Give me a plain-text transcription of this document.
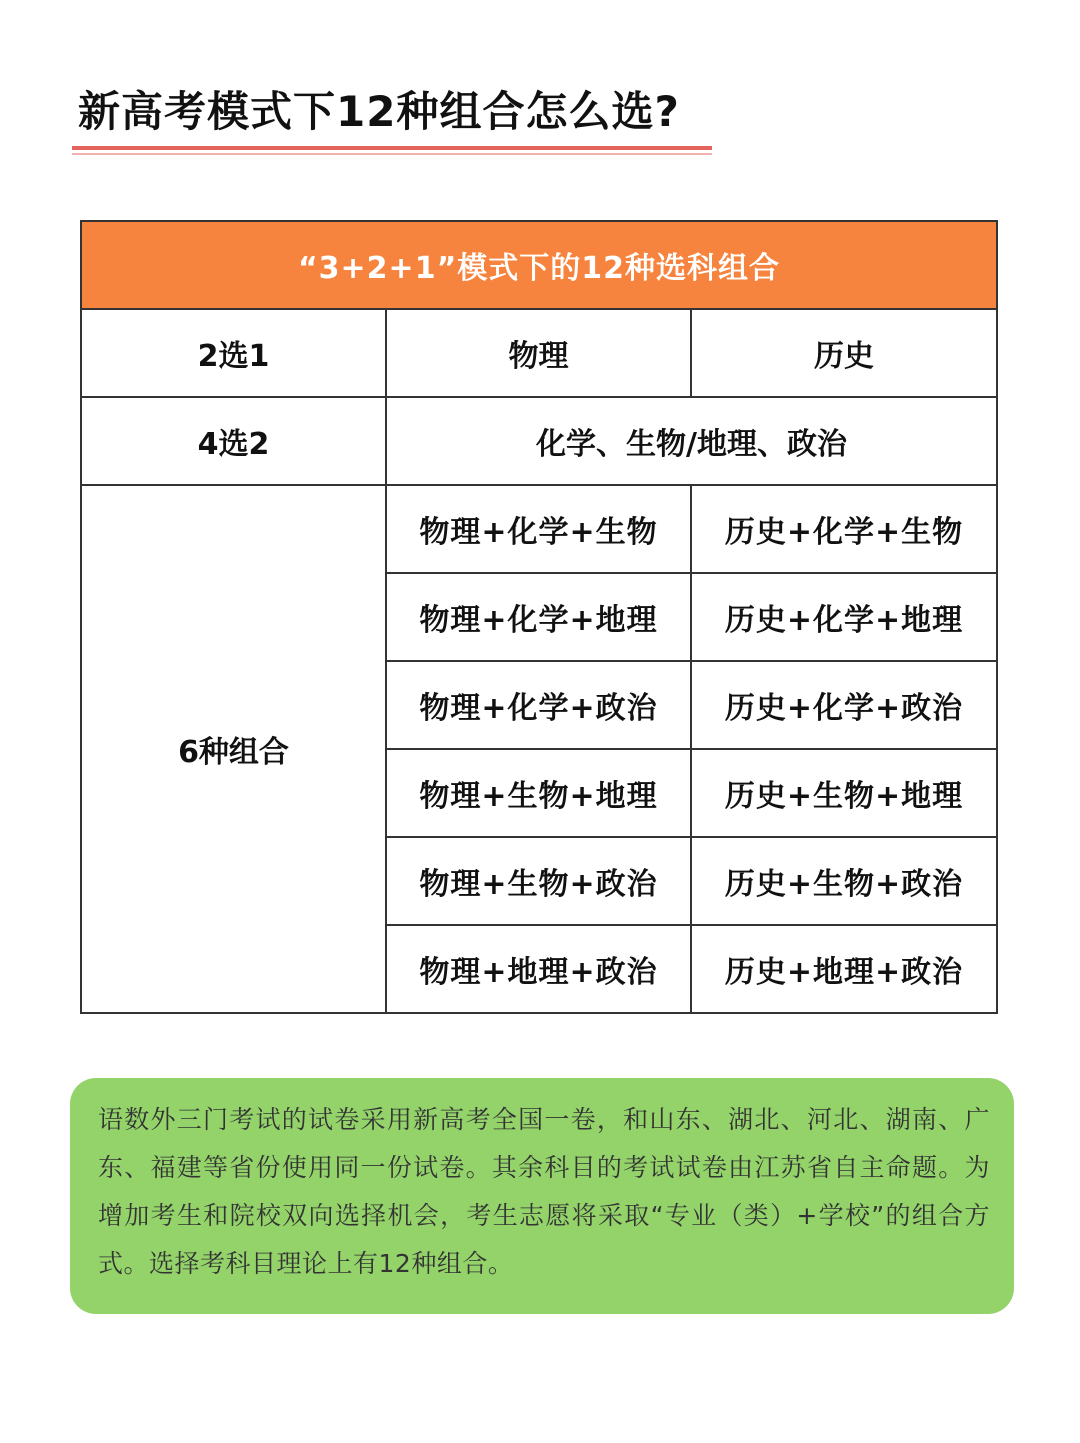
新高考模式下12种组合怎么选?
“3+2+1”模式下的12种选科组合		
2选1	物理	历史
4选2	化学、生物/地理、政治	
6种组合	物理+化学+生物	历史+化学+生物
	物理+化学+地理	历史+化学+地理
	物理+化学+政治	历史+化学+政治
	物理+生物+地理	历史+生物+地理
	物理+生物+政治	历史+生物+政治
	物理+地理+政治	历史+地理+政治
语数外三门考试的试卷采用新高考全国一卷，和山东、湖北、河北、湖南、广东、福建等省份使用同一份试卷。其余科目的考试试卷由江苏省自主命题。为增加考生和院校双向选择机会，考生志愿将采取“专业（类）+学校”的组合方式。选择考科目理论上有12种组合。
